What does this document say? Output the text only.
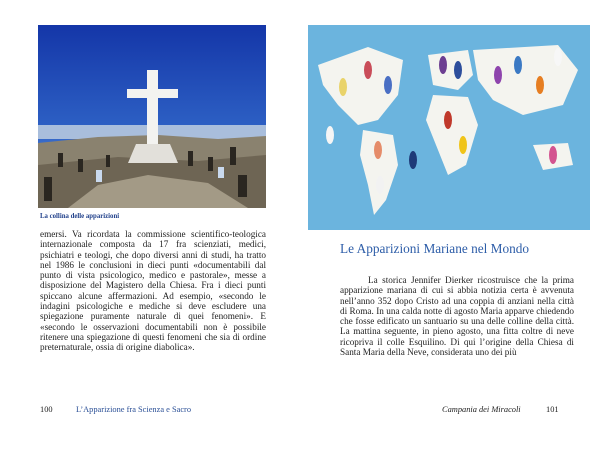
La collina delle apparizioni

emersi. Va ricordata la commissione scientifico-teologica internazionale composta da 17 fra scienziati, medici, psichiatri e teologi, che dopo diversi anni di studi, ha tratto nel 1986 le conclusioni in dieci punti «documentabili dal punto di vista psicologico, medico e pastorale», messe a disposizione del Magistero della Chiesa. Fra i dieci punti spiccano alcune affermazioni. Ad esempio, «secondo le indagini psicologiche e mediche si deve escludere una spiegazione puramente naturale di quei fenomeni». E «secondo le osservazioni documentabili non è possibile ritenere una spiegazione di questi fenomeni che sia di ordine preternaturale, ossia di origine diabolica».

100	L’Apparizione fra Scienza e Sacro
Le Apparizioni Mariane nel Mondo

La storica Jennifer Dierker ricostruisce che la prima apparizione mariana di cui si abbia notizia certa è avvenuta nell’anno 352 dopo Cristo ad una coppia di anziani nella città di Roma. In una calda notte di agosto Maria apparve chiedendo che fosse edificato un santuario su una delle colline della città. La mattina seguente, in pieno agosto, una fitta coltre di neve ricopriva il colle Esquilino. Di qui l’origine della Chiesa di Santa Maria della Neve, considerata uno dei più

Campania dei Miracoli	101
